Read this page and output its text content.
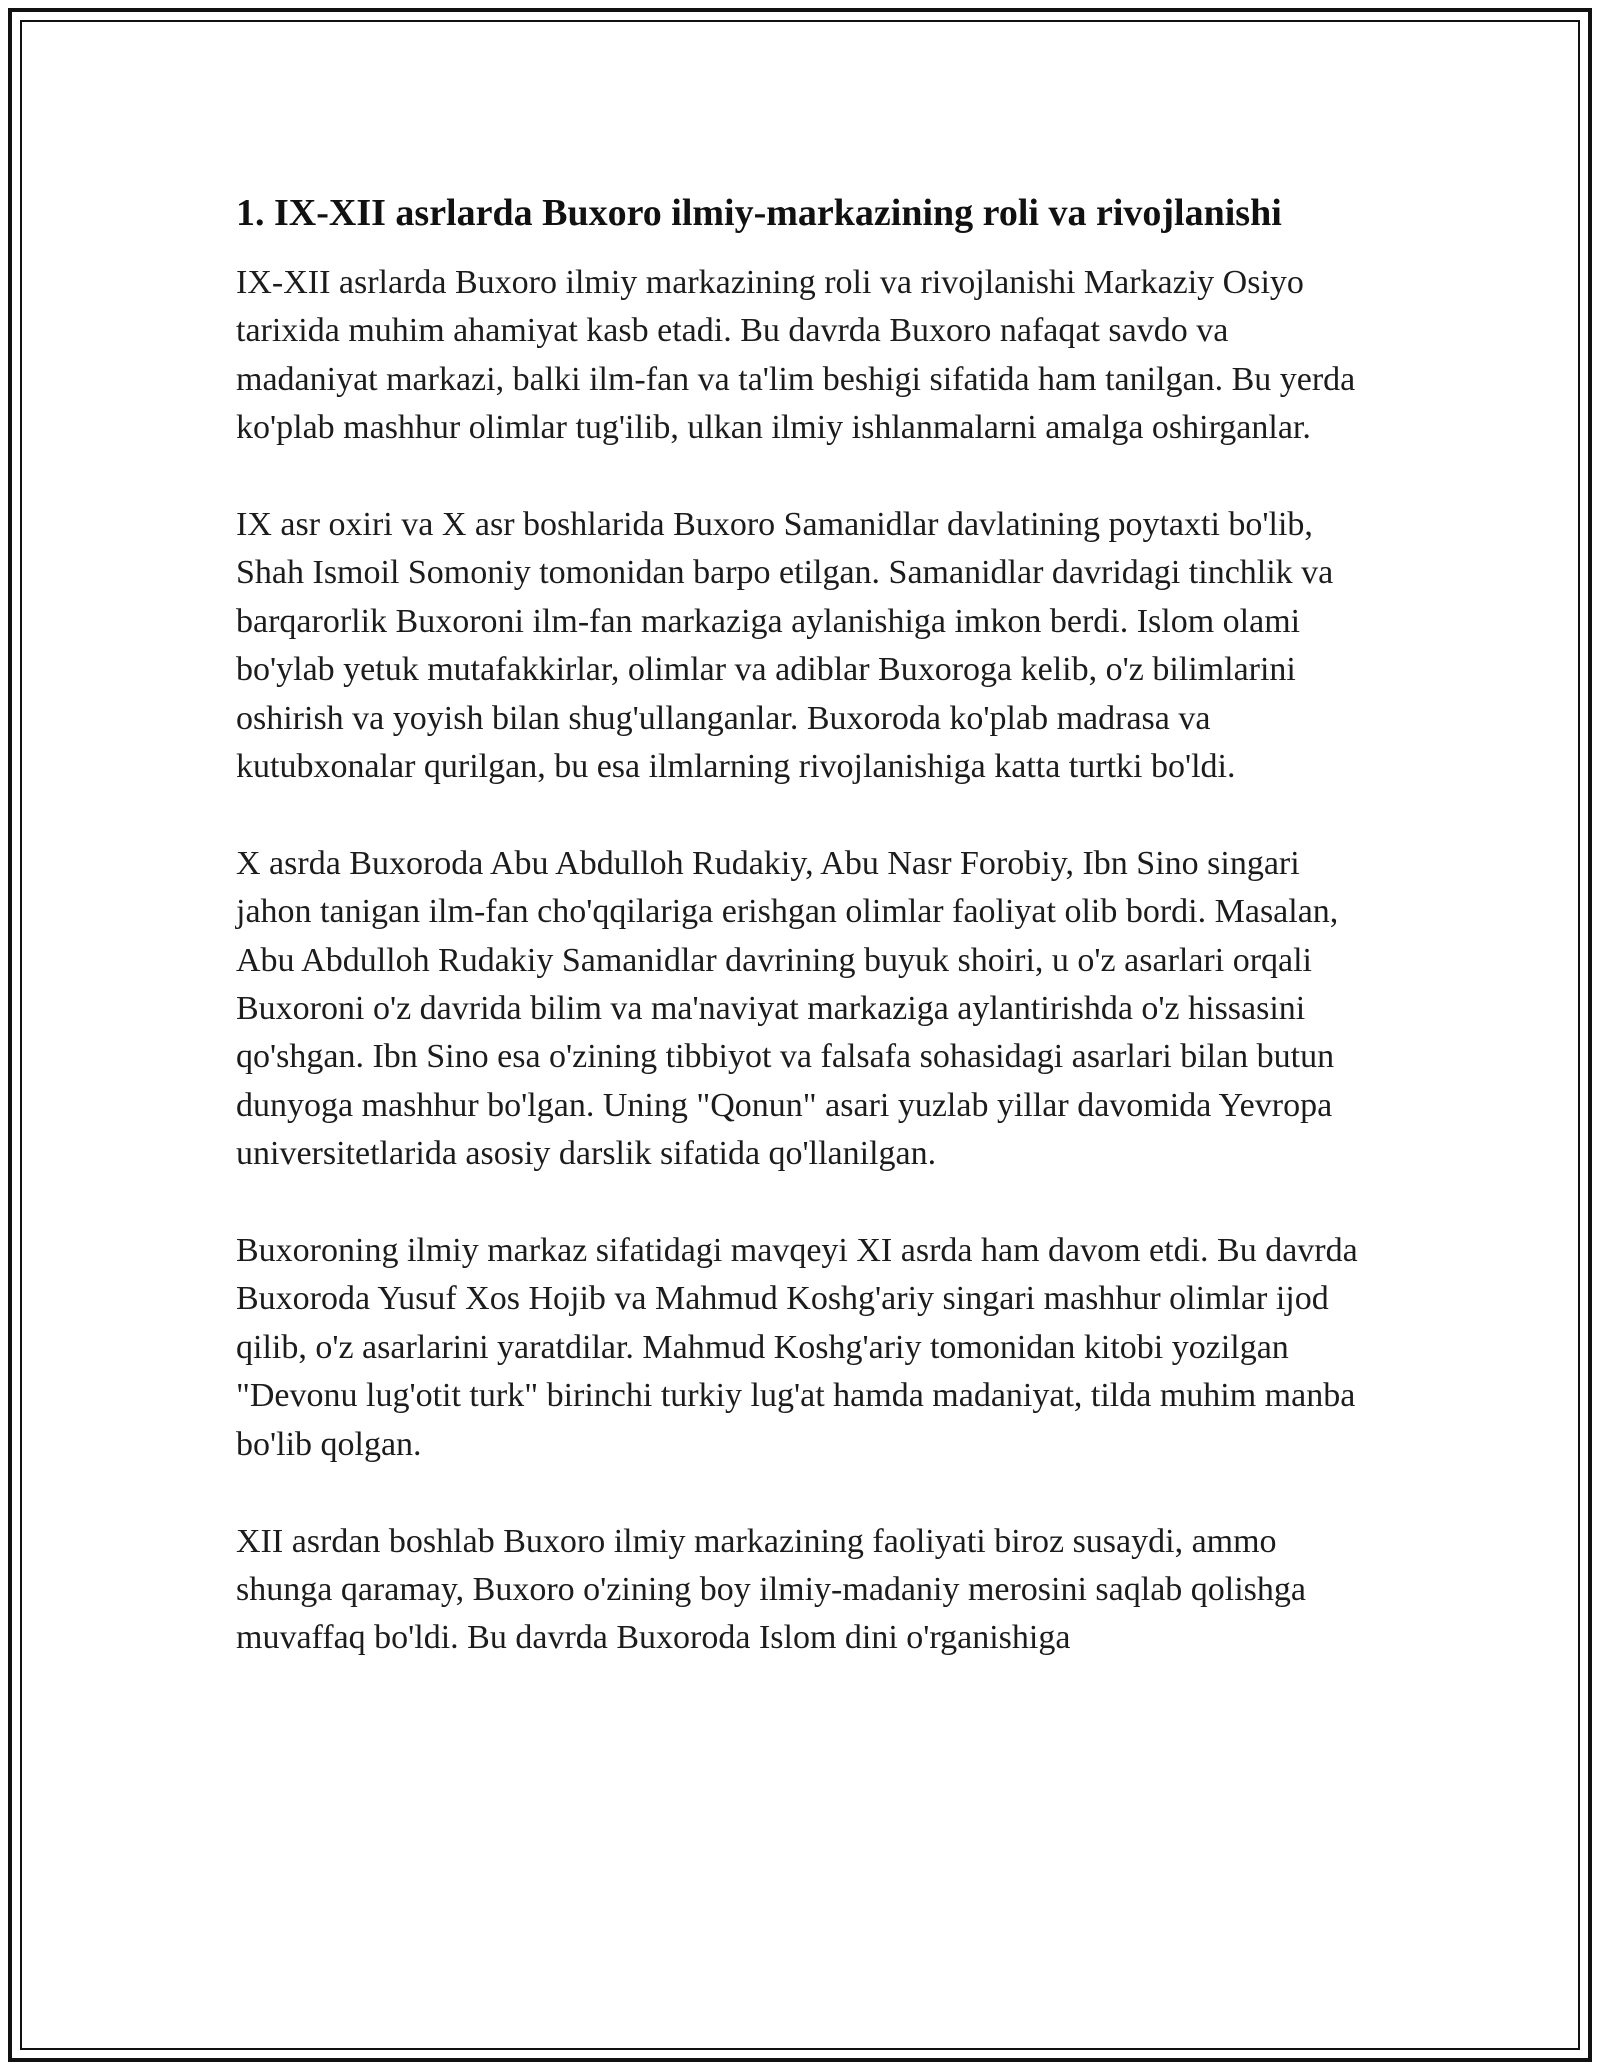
1. IX-XII asrlarda Buxoro ilmiy-markazining roli va rivojlanishi

IX-XII asrlarda Buxoro ilmiy markazining roli va rivojlanishi Markaziy Osiyo tarixida muhim ahamiyat kasb etadi. Bu davrda Buxoro nafaqat savdo va madaniyat markazi, balki ilm-fan va ta'lim beshigi sifatida ham tanilgan. Bu yerda ko'plab mashhur olimlar tug'ilib, ulkan ilmiy ishlanmalarni amalga oshirganlar.

IX asr oxiri va X asr boshlarida Buxoro Samanidlar davlatining poytaxti bo'lib, Shah Ismoil Somoniy tomonidan barpo etilgan. Samanidlar davridagi tinchlik va barqarorlik Buxoroni ilm-fan markaziga aylanishiga imkon berdi. Islom olami bo'ylab yetuk mutafakkirlar, olimlar va adiblar Buxoroga kelib, o'z bilimlarini oshirish va yoyish bilan shug'ullanganlar. Buxoroda ko'plab madrasa va kutubxonalar qurilgan, bu esa ilmlarning rivojlanishiga katta turtki bo'ldi.

X asrda Buxoroda Abu Abdulloh Rudakiy, Abu Nasr Forobiy, Ibn Sino singari jahon tanigan ilm-fan cho'qqilariga erishgan olimlar faoliyat olib bordi. Masalan, Abu Abdulloh Rudakiy Samanidlar davrining buyuk shoiri, u o'z asarlari orqali Buxoroni o'z davrida bilim va ma'naviyat markaziga aylantirishda o'z hissasini qo'shgan. Ibn Sino esa o'zining tibbiyot va falsafa sohasidagi asarlari bilan butun dunyoga mashhur bo'lgan. Uning "Qonun" asari yuzlab yillar davomida Yevropa universitetlarida asosiy darslik sifatida qo'llanilgan.

Buxoroning ilmiy markaz sifatidagi mavqeyi XI asrda ham davom etdi. Bu davrda Buxoroda Yusuf Xos Hojib va Mahmud Koshg'ariy singari mashhur olimlar ijod qilib, o'z asarlarini yaratdilar. Mahmud Koshg'ariy tomonidan kitobi yozilgan "Devonu lug'otit turk" birinchi turkiy lug'at hamda madaniyat, tilda muhim manba bo'lib qolgan.

XII asrdan boshlab Buxoro ilmiy markazining faoliyati biroz susaydi, ammo shunga qaramay, Buxoro o'zining boy ilmiy-madaniy merosini saqlab qolishga muvaffaq bo'ldi. Bu davrda Buxoroda Islom dini o'rganishiga
